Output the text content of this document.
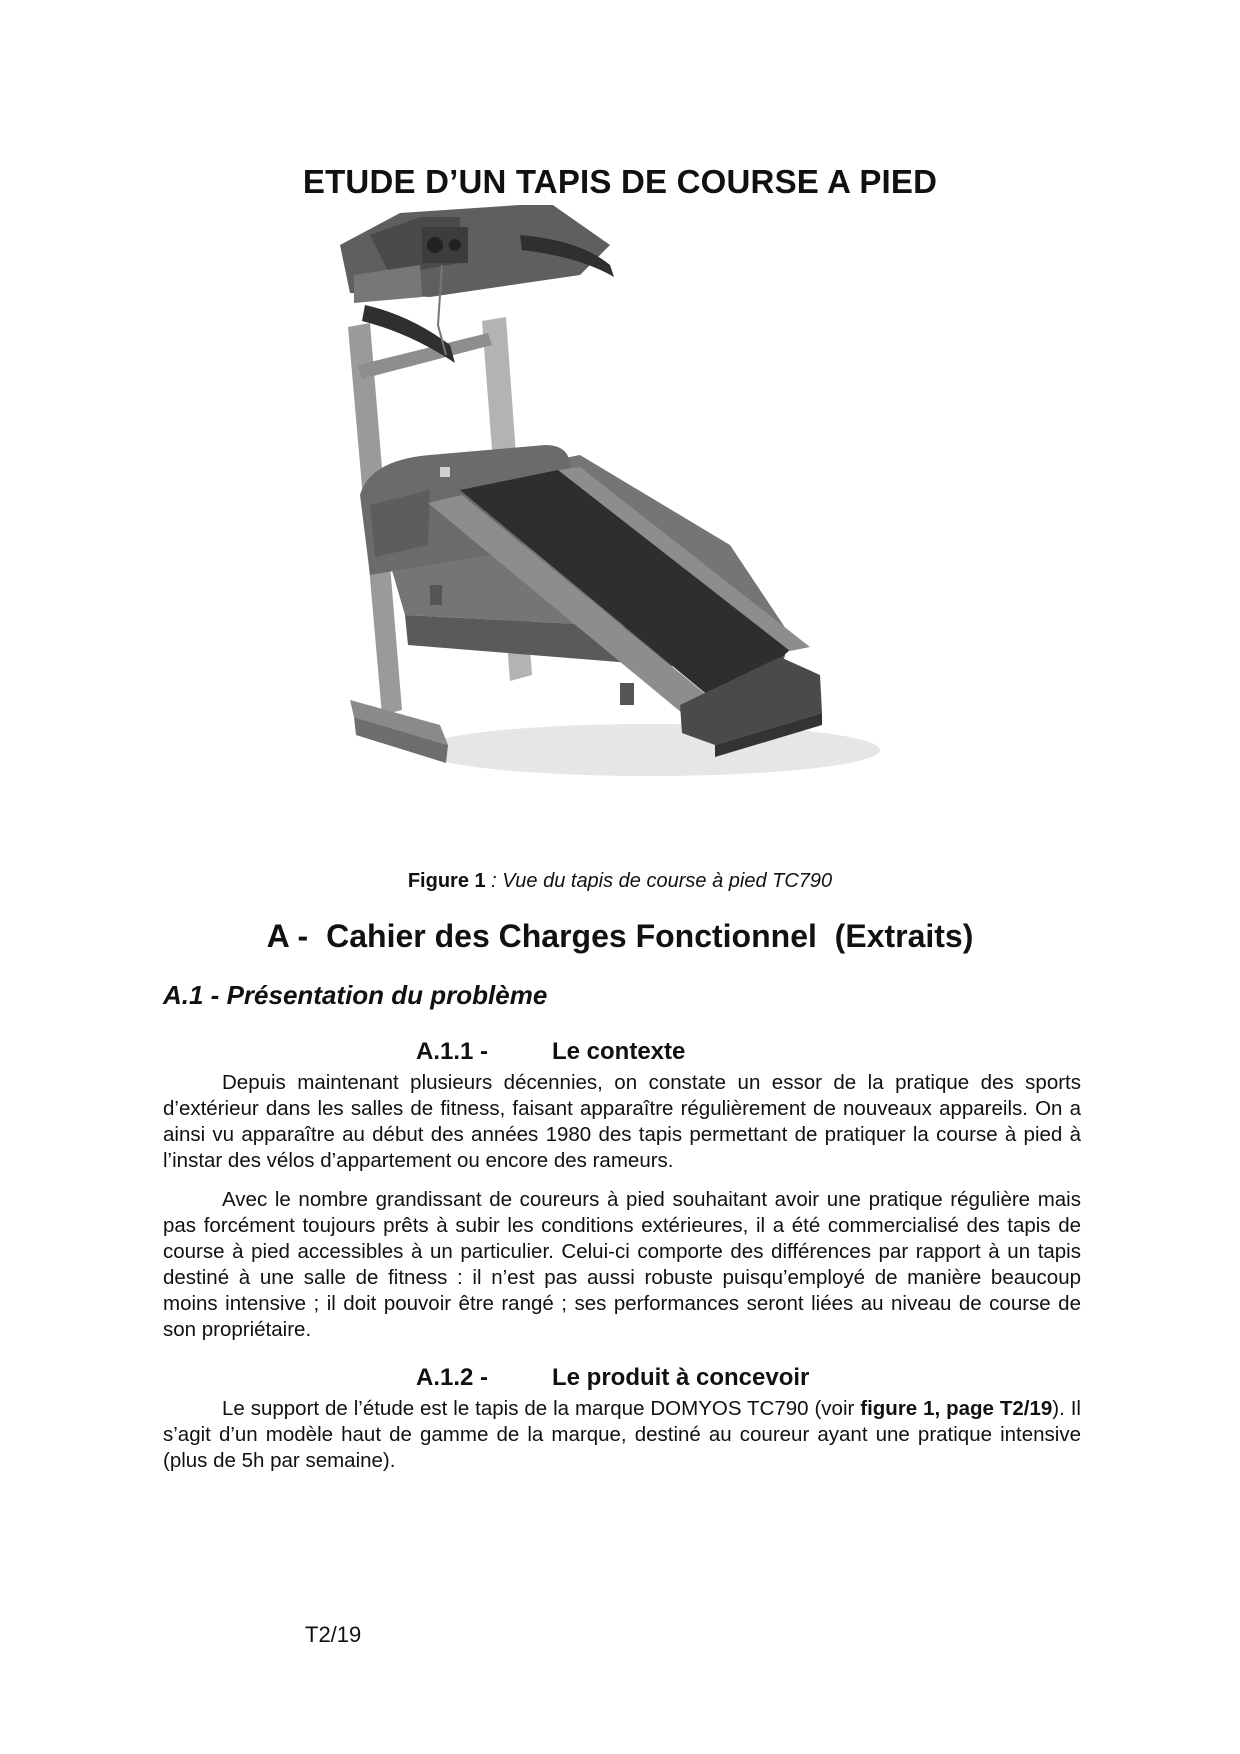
ETUDE D’UN TAPIS DE COURSE A PIED
Figure 1 : Vue du tapis de course à pied TC790
A - Cahier des Charges Fonctionnel  (Extraits)
A.1 - Présentation du problème
A.1.1 -	Le contexte

Depuis maintenant plusieurs décennies, on constate un essor de la pratique des sports d’extérieur dans les salles de fitness, faisant apparaître régulièrement de nouveaux appareils. On a ainsi vu apparaître au début des années 1980 des tapis permettant de pratiquer la course à pied à l’instar des vélos d’appartement ou encore des rameurs.

Avec le nombre grandissant de coureurs à pied souhaitant avoir une pratique régulière mais pas forcément toujours prêts à subir les conditions extérieures, il a été commercialisé des tapis de course à pied accessibles à un particulier. Celui-ci comporte des différences par rapport à un tapis destiné à une salle de fitness : il n’est pas aussi robuste puisqu’employé de manière beaucoup moins intensive ; il doit pouvoir être rangé ; ses performances seront liées au niveau de course de son propriétaire.

A.1.2 -	Le produit à concevoir

Le support de l’étude est le tapis de la marque DOMYOS TC790 (voir figure 1, page T2/19). Il s’agit d’un modèle haut de gamme de la marque, destiné au coureur ayant une pratique intensive (plus de 5h par semaine).

T2/19
